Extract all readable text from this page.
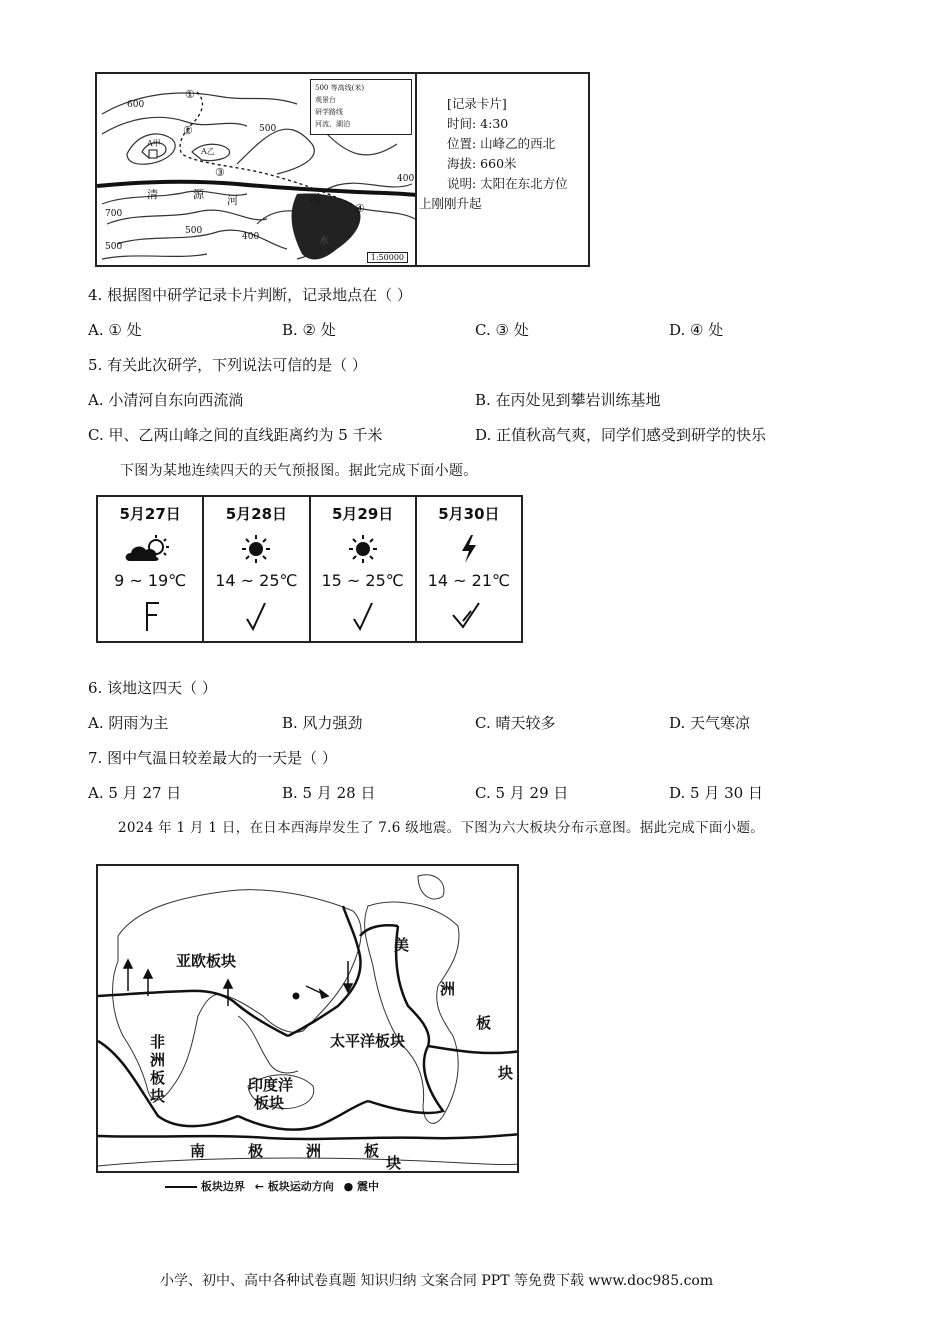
600
500
700
500
500
400
400
①
②
③
④
A甲
A乙
清	源 河	丙
水
500 等高线(米)
观景台
研学路线
河流、湖泊
1:50000
[记录卡片]
时间: 4:30
位置: 山峰乙的西北
海拔: 660米
说明: 太阳在东北方位
上刚刚升起
4. 根据图中研学记录卡片判断，记录地点在（ ）
A. ① 处	B. ② 处	C. ③ 处	D. ④ 处
5. 有关此次研学，下列说法可信的是（ ）
A. 小清河自东向西流淌	B. 在丙处见到攀岩训练基地
C. 甲、乙两山峰之间的直线距离约为 5 千米	D. 正值秋高气爽，同学们感受到研学的快乐
下图为某地连续四天的天气预报图。据此完成下面小题。
5月27日
9 ~ 19℃
5月28日
14 ~ 25℃
5月29日
15 ~ 25℃
5月30日
14 ~ 21℃
6. 该地这四天（ ）
A. 阴雨为主	B. 风力强劲	C. 晴天较多	D. 天气寒凉
7. 图中气温日较差最大的一天是（ ）
A. 5 月 27 日	B. 5 月 28 日	C. 5 月 29 日	D. 5 月 30 日
2024 年 1 月 1 日，在日本西海岸发生了 7.6 级地震。下图为六大板块分布示意图。据此完成下面小题。
亚欧板块
非
洲
板
块
太平洋板块
印度洋
板块
美
洲
板
块
南	极	洲	板
块
板块边界 ← 板块运动方向 ● 震中
小学、初中、高中各种试卷真题 知识归纳 文案合同 PPT 等免费下载 www.doc985.com
